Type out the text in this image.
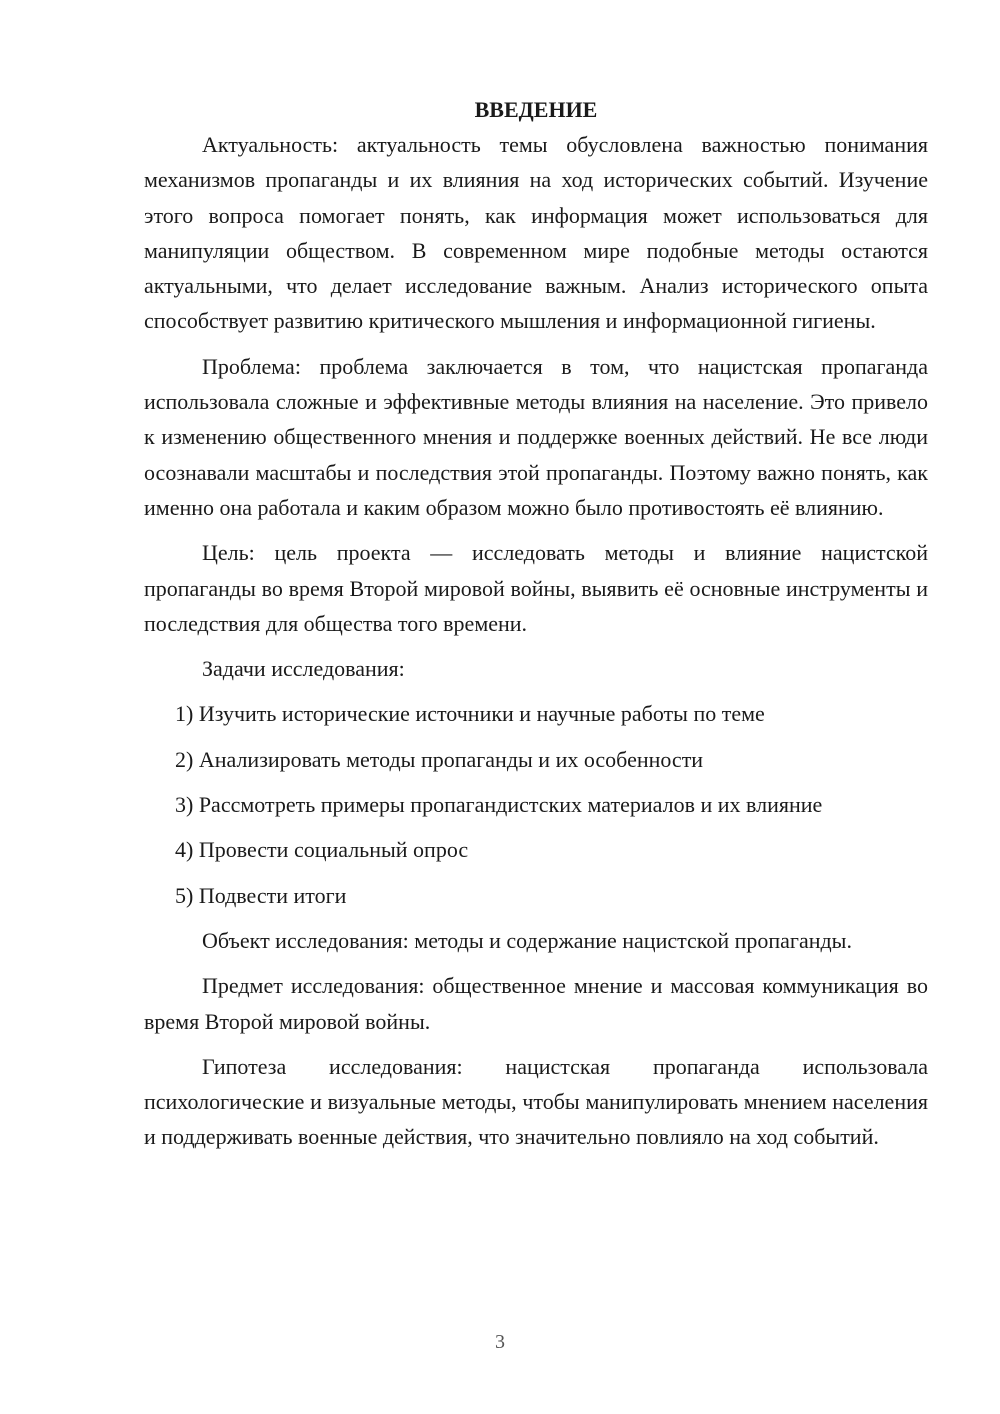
ВВЕДЕНИЕ

Актуальность: актуальность темы обусловлена важностью понимания механизмов пропаганды и их влияния на ход исторических событий. Изучение этого вопроса помогает понять, как информация может использоваться для манипуляции обществом. В современном мире подобные методы остаются актуальными, что делает исследование важным. Анализ исторического опыта способствует развитию критического мышления и информационной гигиены.

Проблема: проблема заключается в том, что нацистская пропаганда использовала сложные и эффективные методы влияния на население. Это привело к изменению общественного мнения и поддержке военных действий. Не все люди осознавали масштабы и последствия этой пропаганды. Поэтому важно понять, как именно она работала и каким образом можно было противостоять её влиянию.

Цель: цель проекта — исследовать методы и влияние нацистской пропаганды во время Второй мировой войны, выявить её основные инструменты и последствия для общества того времени.

Задачи исследования:
1) Изучить исторические источники и научные работы по теме
2) Анализировать методы пропаганды и их особенности
3) Рассмотреть примеры пропагандистских материалов и их влияние
4) Провести социальный опрос
5) Подвести итоги

Объект исследования: методы и содержание нацистской пропаганды.

Предмет исследования: общественное мнение и массовая коммуникация во время Второй мировой войны.

Гипотеза исследования: нацистская пропаганда использовала психологические и визуальные методы, чтобы манипулировать мнением населения и поддерживать военные действия, что значительно повлияло на ход событий.

3
